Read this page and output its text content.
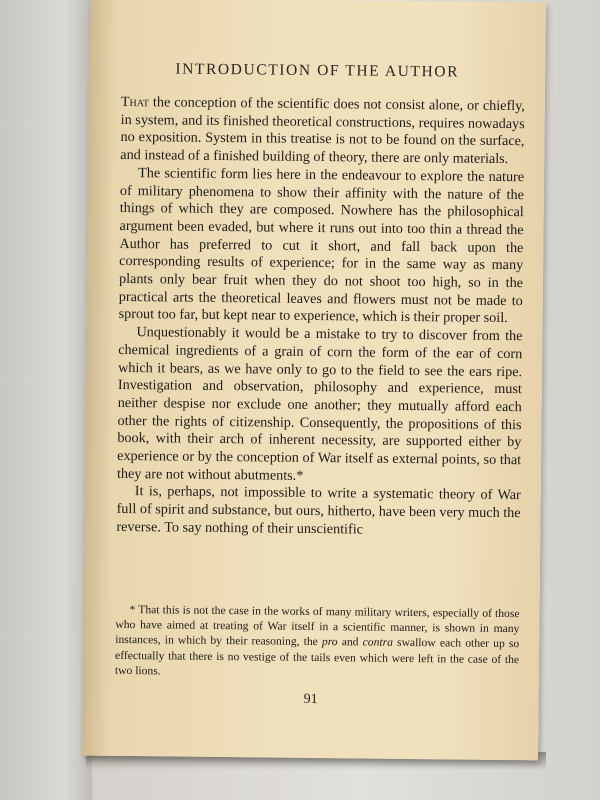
INTRODUCTION OF THE AUTHOR

That the conception of the scientific does not consist alone, or chiefly, in system, and its finished theoretical constructions, requires nowadays no exposition. System in this treatise is not to be found on the surface, and instead of a finished building of theory, there are only materials.

The scientific form lies here in the endeavour to explore the nature of military phenomena to show their affinity with the nature of the things of which they are composed. Nowhere has the philosophical argument been evaded, but where it runs out into too thin a thread the Author has preferred to cut it short, and fall back upon the corresponding results of experience; for in the same way as many plants only bear fruit when they do not shoot too high, so in the practical arts the theoretical leaves and flowers must not be made to sprout too far, but kept near to experience, which is their proper soil.

Unquestionably it would be a mistake to try to discover from the chemical ingredients of a grain of corn the form of the ear of corn which it bears, as we have only to go to the field to see the ears ripe. Investigation and observation, philosophy and experience, must neither despise nor exclude one another; they mutually afford each other the rights of citizenship. Consequently, the propositions of this book, with their arch of inherent necessity, are supported either by experience or by the conception of War itself as external points, so that they are not without abutments.*

It is, perhaps, not impossible to write a systematic theory of War full of spirit and substance, but ours, hitherto, have been very much the reverse. To say nothing of their unscientific

* That this is not the case in the works of many military writers, especially of those who have aimed at treating of War itself in a scientific manner, is shown in many instances, in which by their reasoning, the pro and contra swallow each other up so effectually that there is no vestige of the tails even which were left in the case of the two lions.

91
